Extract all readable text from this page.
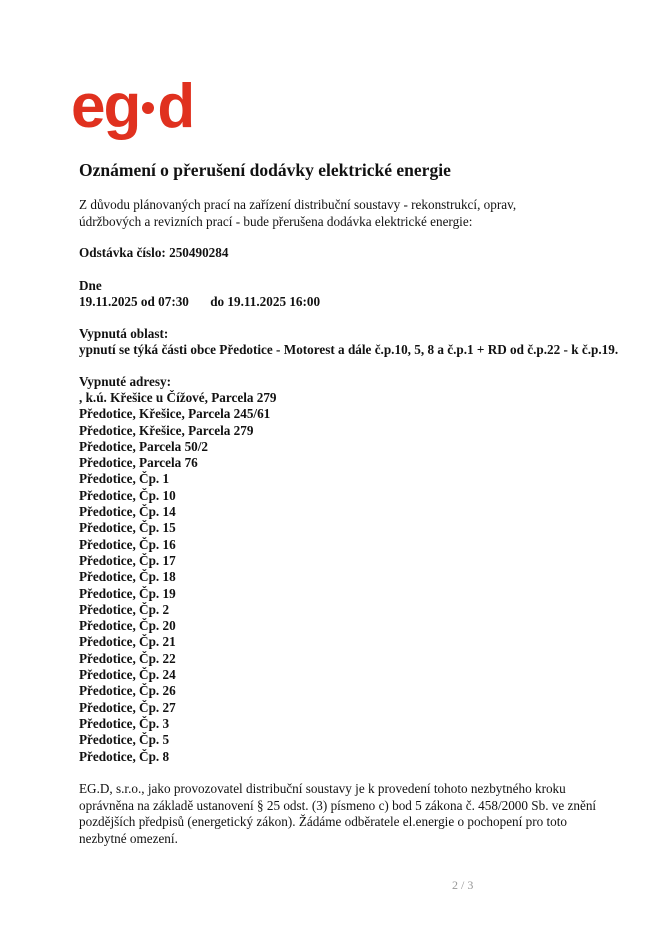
eg d
Oznámení o přerušení dodávky elektrické energie
Z důvodu plánovaných prací na zařízení distribuční soustavy - rekonstrukcí, oprav, údržbových a revizních prací - bude přerušena dodávka elektrické energie:
Odstávka číslo: 250490284
Dne
19.11.2025 od 07:30 do 19.11.2025 16:00
Vypnutá oblast:
ypnutí se týká části obce Předotice - Motorest a dále č.p.10, 5, 8 a č.p.1 + RD od č.p.22 - k č.p.19.
Vypnuté adresy:
, k.ú. Křešice u Čížové, Parcela 279
Předotice, Křešice, Parcela 245/61
Předotice, Křešice, Parcela 279
Předotice, Parcela 50/2
Předotice, Parcela 76
Předotice, Čp. 1
Předotice, Čp. 10
Předotice, Čp. 14
Předotice, Čp. 15
Předotice, Čp. 16
Předotice, Čp. 17
Předotice, Čp. 18
Předotice, Čp. 19
Předotice, Čp. 2
Předotice, Čp. 20
Předotice, Čp. 21
Předotice, Čp. 22
Předotice, Čp. 24
Předotice, Čp. 26
Předotice, Čp. 27
Předotice, Čp. 3
Předotice, Čp. 5
Předotice, Čp. 8
EG.D, s.r.o., jako provozovatel distribuční soustavy je k provedení tohoto nezbytného kroku oprávněna na základě ustanovení § 25 odst. (3) písmeno c) bod 5 zákona č. 458/2000 Sb. ve znění pozdějších předpisů (energetický zákon). Žádáme odběratele el.energie o pochopení pro toto nezbytné omezení.
2 / 3
